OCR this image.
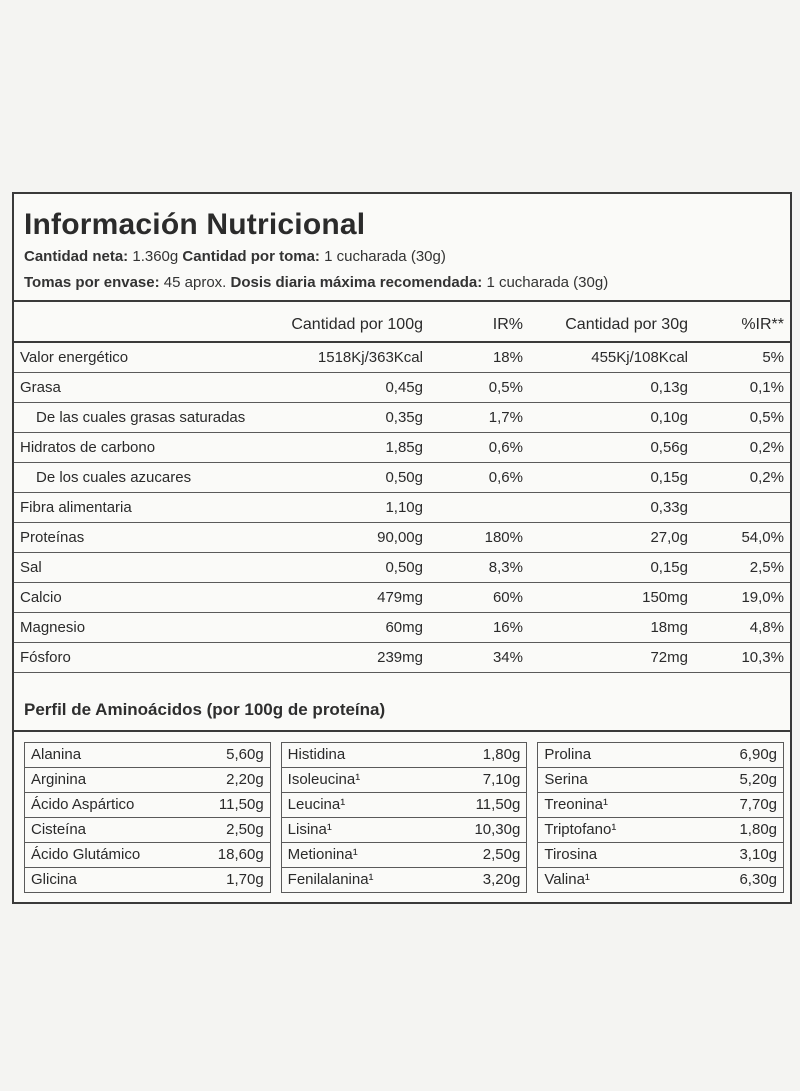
Información Nutricional
Cantidad neta: 1.360g Cantidad por toma: 1 cucharada (30g)
Tomas por envase: 45 aprox. Dosis diaria máxima recomendada: 1 cucharada (30g)
	Cantidad por 100g	IR%	Cantidad por 30g	%IR**
Valor energético	1518Kj/363Kcal	18%	455Kj/108Kcal	5%
Grasa	0,45g	0,5%	0,13g	0,1%
De las cuales grasas saturadas	0,35g	1,7%	0,10g	0,5%
Hidratos de carbono	1,85g	0,6%	0,56g	0,2%
De los cuales azucares	0,50g	0,6%	0,15g	0,2%
Fibra alimentaria	1,10g		0,33g	
Proteínas	90,00g	180%	27,0g	54,0%
Sal	0,50g	8,3%	0,15g	2,5%
Calcio	479mg	60%	150mg	19,0%
Magnesio	60mg	16%	18mg	4,8%
Fósforo	239mg	34%	72mg	10,3%
Perfil de Aminoácidos (por 100g de proteína)
Alanina	5,60g
Arginina	2,20g
Ácido Aspártico	11,50g
Cisteína	2,50g
Ácido Glutámico	18,60g
Glicina	1,70g
Histidina	1,80g
Isoleucina¹	7,10g
Leucina¹	11,50g
Lisina¹	10,30g
Metionina¹	2,50g
Fenilalanina¹	3,20g
Prolina	6,90g
Serina	5,20g
Treonina¹	7,70g
Triptofano¹	1,80g
Tirosina	3,10g
Valina¹	6,30g
